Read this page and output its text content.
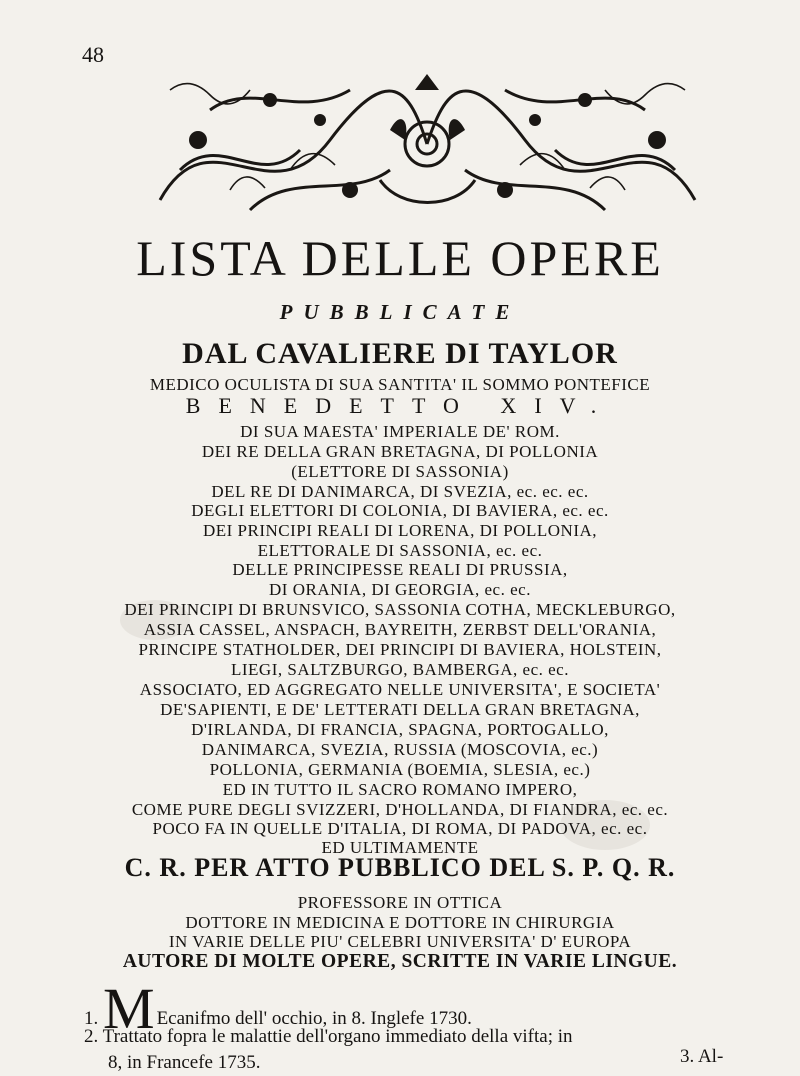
48
LISTA DELLE OPERE
PUBBLICATE
DAL CAVALIERE DI TAYLOR
MEDICO OCULISTA DI SUA SANTITA' IL SOMMO PONTEFICE
BENEDETTO XIV.
DI SUA MAESTA' IMPERIALE DE' ROM.
DEI RE DELLA GRAN BRETAGNA, DI POLLONIA
(ELETTORE DI SASSONIA)
DEL RE DI DANIMARCA, DI SVEZIA, ec. ec. ec.
DEGLI ELETTORI DI COLONIA, DI BAVIERA, ec. ec.
DEI PRINCIPI REALI DI LORENA, DI POLLONIA,
ELETTORALE DI SASSONIA, ec. ec.
DELLE PRINCIPESSE REALI DI PRUSSIA,
DI ORANIA, DI GEORGIA, ec. ec.
DEI PRINCIPI DI BRUNSVICO, SASSONIA COTHA, MECKLEBURGO,
ASSIA CASSEL, ANSPACH, BAYREITH, ZERBST DELL'ORANIA,
PRINCIPE STATHOLDER, DEI PRINCIPI DI BAVIERA, HOLSTEIN,
LIEGI, SALTZBURGO, BAMBERGA, ec. ec.
ASSOCIATO, ED AGGREGATO NELLE UNIVERSITA', E SOCIETA'
DE'SAPIENTI, E DE' LETTERATI DELLA GRAN BRETAGNA,
D'IRLANDA, DI FRANCIA, SPAGNA, PORTOGALLO,
DANIMARCA, SVEZIA, RUSSIA (MOSCOVIA, ec.)
POLLONIA, GERMANIA (BOEMIA, SLESIA, ec.)
ED IN TUTTO IL SACRO ROMANO IMPERO,
COME PURE DEGLI SVIZZERI, D'HOLLANDA, DI FIANDRA, ec. ec.
POCO FA IN QUELLE D'ITALIA, DI ROMA, DI PADOVA, ec. ec.
ED ULTIMAMENTE
C. R. PER ATTO PUBBLICO DEL S. P. Q. R.
PROFESSORE IN OTTICA
DOTTORE IN MEDICINA E DOTTORE IN CHIRURGIA
IN VARIE DELLE PIU' CELEBRI UNIVERSITA' D' EUROPA
AUTORE DI MOLTE OPERE, SCRITTE IN VARIE LINGUE.
1. M Ecanifmo dell' occhio, in 8. Inglefe 1730.
2. Trattato fopra le malattie dell'organo immediato della vifta; in
8, in Francefe 1735.	3. Al-
